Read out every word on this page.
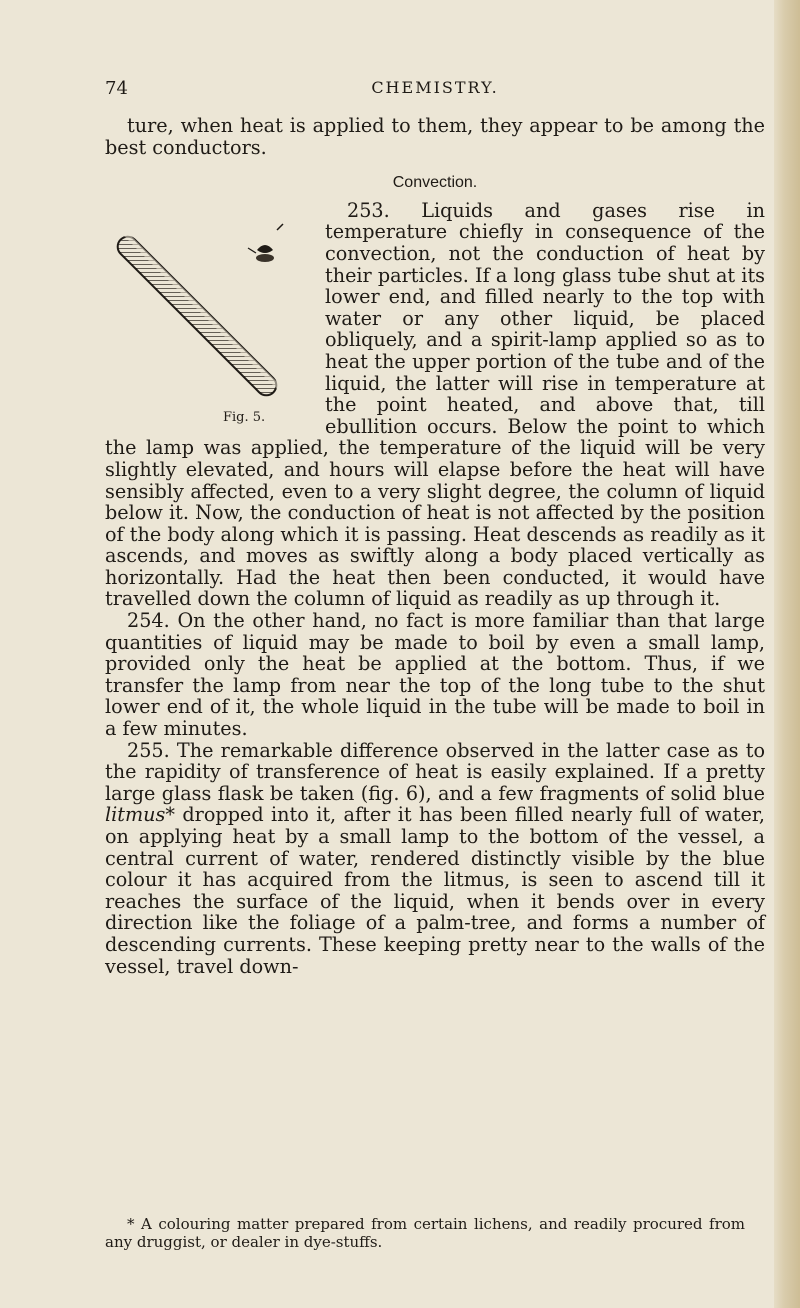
74	CHEMISTRY.

ture, when heat is applied to them, they appear to be among the best conductors.

Convection.

Fig. 5.
253. Liquids and gases rise in temperature chiefly in consequence of the convection, not the conduction of heat by their particles. If a long glass tube shut at its lower end, and filled nearly to the top with water or any other liquid, be placed obliquely, and a spirit-lamp applied so as to heat the upper portion of the tube and of the liquid, the latter will rise in temperature at the point heated, and above that, till ebullition occurs. Below the point to which the lamp was applied, the temperature of the liquid will be very slightly elevated, and hours will elapse before the heat will have sensibly affected, even to a very slight degree, the column of liquid below it. Now, the conduction of heat is not affected by the position of the body along which it is passing. Heat descends as readily as it ascends, and moves as swiftly along a body placed vertically as horizontally. Had the heat then been conducted, it would have travelled down the column of liquid as readily as up through it.

254. On the other hand, no fact is more familiar than that large quantities of liquid may be made to boil by even a small lamp, provided only the heat be applied at the bottom. Thus, if we transfer the lamp from near the top of the long tube to the shut lower end of it, the whole liquid in the tube will be made to boil in a few minutes.

255. The remarkable difference observed in the latter case as to the rapidity of transference of heat is easily explained. If a pretty large glass flask be taken (fig. 6), and a few fragments of solid blue litmus* dropped into it, after it has been filled nearly full of water, on applying heat by a small lamp to the bottom of the vessel, a central current of water, rendered distinctly visible by the blue colour it has acquired from the litmus, is seen to ascend till it reaches the surface of the liquid, when it bends over in every direction like the foliage of a palm-tree, and forms a number of descending currents. These keeping pretty near to the walls of the vessel, travel down-

* A colouring matter prepared from certain lichens, and readily procured from any druggist, or dealer in dye-stuffs.
